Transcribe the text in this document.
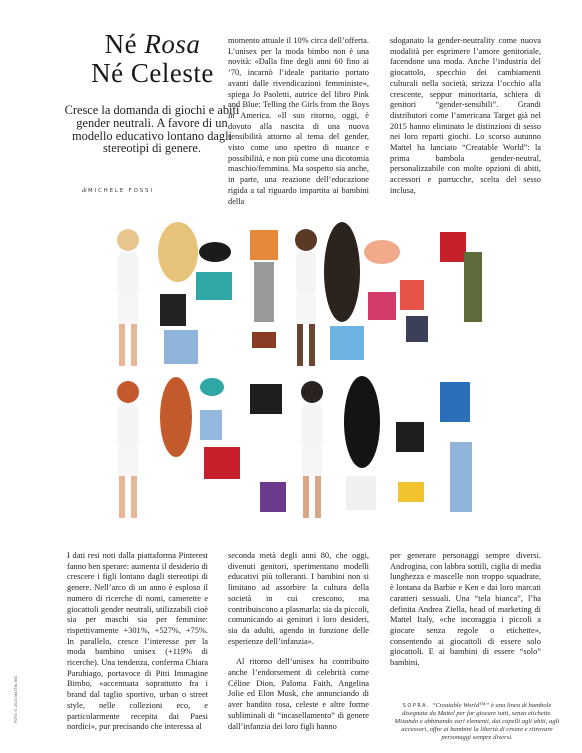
Né Rosa
Né Celeste
Cresce la domanda di giochi e abiti gender neutrali. A favore di un modello educativo lontano dagli stereotipi di genere.
di MICHELE FOSSI

momento attuale il 10% circa dell’offerta. L’unisex per la moda bimbo non è una novità: «Dalla fine degli anni 60 fino ai ’70, incarnò l’ideale paritario portato avanti dalle rivendicazioni femministe», spiega Jo Paoletti, autrice del libro Pink and Blue: Telling the Girls from the Boys in America. «Il suo ritorno, oggi, è dovuto alla nascita di una nuova sensibilità attorno al tema del gender, visto come uno spettro di nuance e possibilità, e non più come una dicotomia maschio/femmina. Ma sospetto sia anche, in parte, una reazione dell’educazione rigida a tal riguardo impartita ai bambini della

sdoganato la gender-neutrality come nuova modalità per esprimere l’amore genitoriale, facendone una moda. Anche l’industria del giocattolo, specchio dei cambiamenti culturali nella società, strizza l’occhio alla crescente, seppur minoritaria, schiera di genitori “gender-sensibili”. Grandi distributori come l’americana Target già nel 2015 hanno eliminato le distinzioni di sesso nei loro reparti giochi. Lo scorso autunno Mattel ha lanciato “Creatable World”: la prima bambola gender-neutral, personalizzabile con molte opzioni di abiti, accessori e parrucche, scelta del sesso inclusa,

I dati resi noti dalla piattaforma Pinterest fanno ben sperare: aumenta il desiderio di crescere i figli lontano dagli stereotipi di genere. Nell’arco di un anno è esploso il numero di ricerche di nomi, camerette e giocattoli gender neutrali, utilizzabili cioè sia per maschi sia per femmine: rispettivamente +301%, +527%, +75%. In parallelo, cresce l’interesse per la moda bambino unisex (+119% di ricerche). Una tendenza, conferma Chiara Paruhiago, portavoce di Pitti Immagine Bimbo, «accentuata soprattutto fra i brand dal taglio sportivo, urban o street style, nelle collezioni eco, e particolarmente recepita dai Paesi nordici», pur precisando che interessa al

seconda metà degli anni 80, che oggi, divenuti genitori, sperimentano modelli educativi più tolleranti. I bambini non si limitano ad assorbire la cultura della società in cui crescono, ma contribuiscono a plasmarla: sia da piccoli, comunicando ai genitori i loro desideri, sia da adulti, agendo in funzione delle esperienze dell’infanzia».

Al ritorno dell’unisex ha contribuito anche l’endorsement di celebrità come Céline Dion, Paloma Faith, Angelina Jolie ed Elon Musk, che annunciando di aver bandito rosa, celeste e altre forme subliminali di “incasellamento” di genere dall’infanzia dei loro figli hanno

per generare personaggi sempre diversi. Androgina, con labbra sottili, ciglia di media lunghezza e mascelle non troppo squadrate, è lontana da Barbie e Ken e dai loro marcati caratteri sessuali. Una “tela bianca”, l’ha definita Andrea Ziella, head of marketing di Mattel Italy, «che incoraggia i piccoli a giocare senza regole o etichette», consentendo ai giocattoli di essere solo giocattoli. E ai bambini di essere “solo” bambini.

FOTO © 2020 MATTEL INC.	SOPRA. “Creatable World™” è una linea di bambole disegnata da Mattel per far giocare tutti, senza etichette. Mixando e abbinando vari elementi, dai capelli agli abiti, agli accessori, offre ai bambini la libertà di creare e ritrovare personaggi sempre diversi.
